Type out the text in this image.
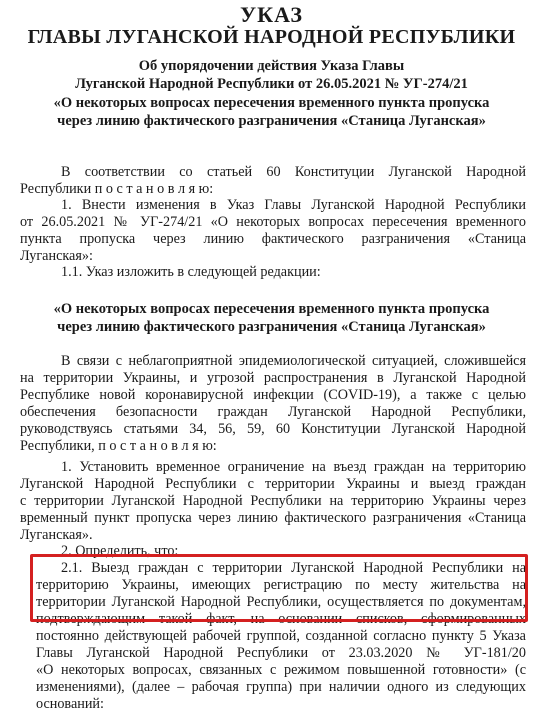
УКАЗ
ГЛАВЫ ЛУГАНСКОЙ НАРОДНОЙ РЕСПУБЛИКИ
Об упорядочении действия Указа Главы
Луганской Народной Республики от 26.05.2021 № УГ-274/21
«О некоторых вопросах пересечения временного пункта пропуска
через линию фактического разграничения «Станица Луганская»
В соответствии со статьей 60 Конституции Луганской Народной
Республики п о с т а н о в л я ю:
1. Внести изменения в Указ Главы Луганской Народной Республики
от 26.05.2021 № УГ-274/21 «О некоторых вопросах пересечения временного
пункта пропуска через линию фактического разграничения «Станица
Луганская»:
1.1. Указ изложить в следующей редакции:
«О некоторых вопросах пересечения временного пункта пропуска
через линию фактического разграничения «Станица Луганская»
В связи с неблагоприятной эпидемиологической ситуацией, сложившейся
на территории Украины, и угрозой распространения в Луганской Народной
Республике новой коронавирусной инфекции (COVID-19), а также с целью
обеспечения безопасности граждан Луганской Народной Республики,
руководствуясь статьями 34, 56, 59, 60 Конституции Луганской Народной
Республики, п о с т а н о в л я ю:
1. Установить временное ограничение на въезд граждан на территорию
Луганской Народной Республики с территории Украины и выезд граждан
с территории Луганской Народной Республики на территорию Украины через
временный пункт пропуска через линию фактического разграничения «Станица
Луганская».
2. Определить, что:
2.1. Выезд граждан с территории Луганской Народной Республики на
территорию Украины, имеющих регистрацию по месту жительства на
территории Луганской Народной Республики, осуществляется по документам,
подтверждающим такой факт, на основании списков, сформированных
постоянно действующей рабочей группой, созданной согласно пункту 5 Указа
Главы Луганской Народной Республики от 23.03.2020 № УГ-181/20
«О некоторых вопросах, связанных с режимом повышенной готовности» (с
изменениями), (далее – рабочая группа) при наличии одного из следующих
оснований:
